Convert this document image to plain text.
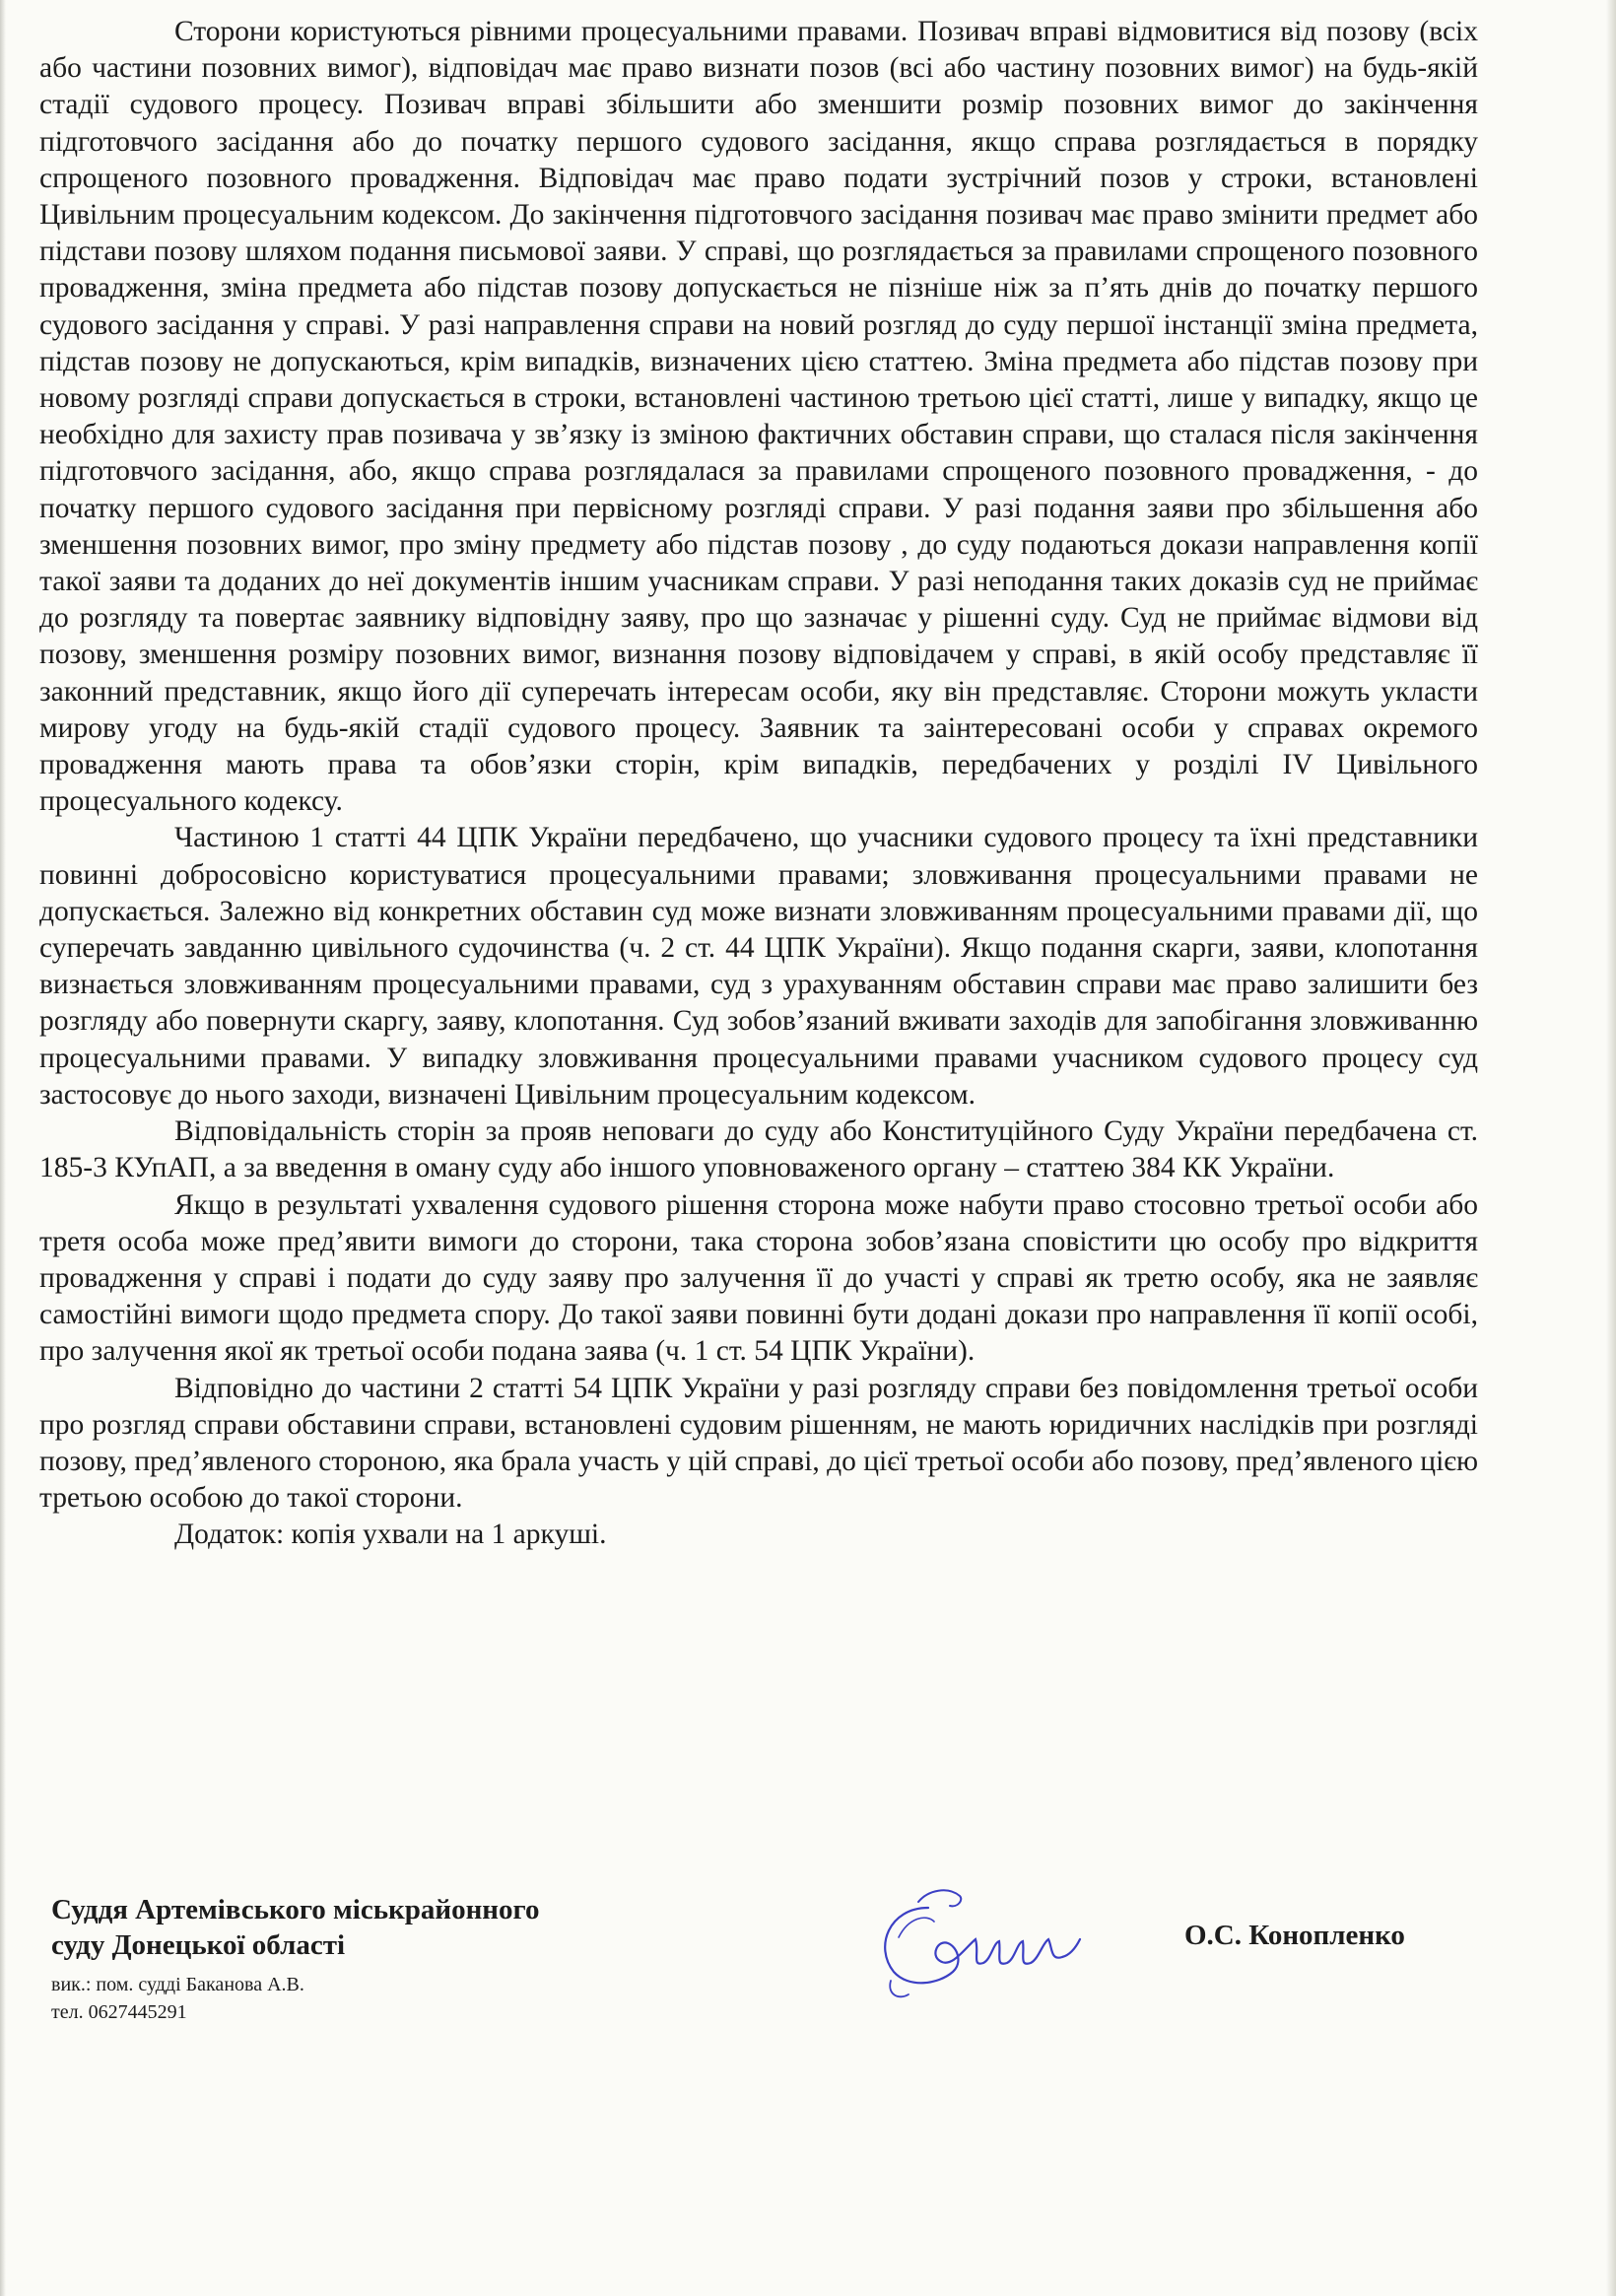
Сторони користуються рівними процесуальними правами. Позивач вправі відмовитися від позову (всіх або частини позовних вимог), відповідач має право визнати позов (всі або частину позовних вимог) на будь-якій стадії судового процесу. Позивач вправі збільшити або зменшити розмір позовних вимог до закінчення підготовчого засідання або до початку першого судового засідання, якщо справа розглядається в порядку спрощеного позовного провадження. Відповідач має право подати зустрічний позов у строки, встановлені Цивільним процесуальним кодексом. До закінчення підготовчого засідання позивач має право змінити предмет або підстави позову шляхом подання письмової заяви. У справі, що розглядається за правилами спрощеного позовного провадження, зміна предмета або підстав позову допускається не пізніше ніж за п’ять днів до початку першого судового засідання у справі. У разі направлення справи на новий розгляд до суду першої інстанції зміна предмета, підстав позову не допускаються, крім випадків, визначених цією статтею. Зміна предмета або підстав позову при новому розгляді справи допускається в строки, встановлені частиною третьою цієї статті, лише у випадку, якщо це необхідно для захисту прав позивача у зв’язку із зміною фактичних обставин справи, що сталася після закінчення підготовчого засідання, або, якщо справа розглядалася за правилами спрощеного позовного провадження, - до початку першого судового засідання при первісному розгляді справи. У разі подання заяви про збільшення або зменшення позовних вимог, про зміну предмету або підстав позову , до суду подаються докази направлення копії такої заяви та доданих до неї документів іншим учасникам справи. У разі неподання таких доказів суд не приймає до розгляду та повертає заявнику відповідну заяву, про що зазначає у рішенні суду. Суд не приймає відмови від позову, зменшення розміру позовних вимог, визнання позову відповідачем у справі, в якій особу представляє її законний представник, якщо його дії суперечать інтересам особи, яку він представляє. Сторони можуть укласти мирову угоду на будь-якій стадії судового процесу. Заявник та заінтересовані особи у справах окремого провадження мають права та обов’язки сторін, крім випадків, передбачених у розділі IV Цивільного процесуального кодексу.

Частиною 1 статті 44 ЦПК України передбачено, що учасники судового процесу та їхні представники повинні добросовісно користуватися процесуальними правами; зловживання процесуальними правами не допускається. Залежно від конкретних обставин суд може визнати зловживанням процесуальними правами дії, що суперечать завданню цивільного судочинства (ч. 2 ст. 44 ЦПК України). Якщо подання скарги, заяви, клопотання визнається зловживанням процесуальними правами, суд з урахуванням обставин справи має право залишити без розгляду або повернути скаргу, заяву, клопотання. Суд зобов’язаний вживати заходів для запобігання зловживанню процесуальними правами. У випадку зловживання процесуальними правами учасником судового процесу суд застосовує до нього заходи, визначені Цивільним процесуальним кодексом.

Відповідальність сторін за прояв неповаги до суду або Конституційного Суду України передбачена ст. 185-3 КУпАП, а за введення в оману суду або іншого уповноваженого органу – статтею 384 КК України.

Якщо в результаті ухвалення судового рішення сторона може набути право стосовно третьої особи або третя особа може пред’явити вимоги до сторони, така сторона зобов’язана сповістити цю особу про відкриття провадження у справі і подати до суду заяву про залучення її до участі у справі як третю особу, яка не заявляє самостійні вимоги щодо предмета спору. До такої заяви повинні бути додані докази про направлення її копії особі, про залучення якої як третьої особи подана заява (ч. 1 ст. 54 ЦПК України).

Відповідно до частини 2 статті 54 ЦПК України у разі розгляду справи без повідомлення третьої особи про розгляд справи обставини справи, встановлені судовим рішенням, не мають юридичних наслідків при розгляді позову, пред’явленого стороною, яка брала участь у цій справі, до цієї третьої особи або позову, пред’явленого цією третьою особою до такої сторони.

Додаток: копія ухвали на 1 аркуші.

Суддя Артемівського міськрайонного
суду Донецької області
вик.: пом. судді Баканова А.В.
тел. 0627445291
О.С. Конопленко
